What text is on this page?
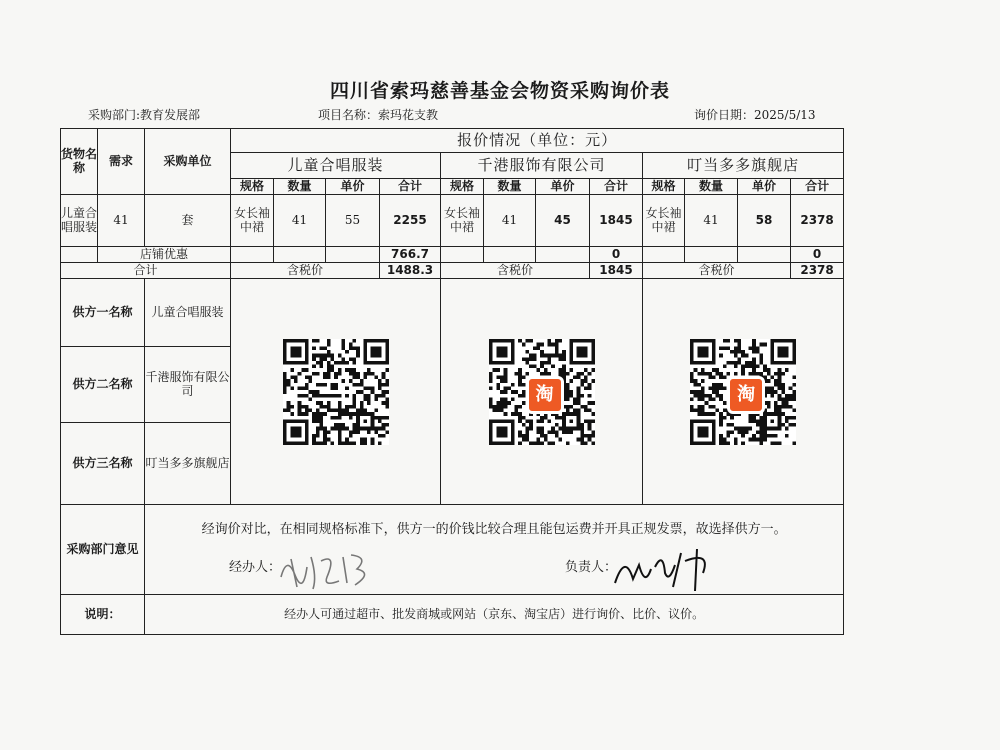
四川省索玛慈善基金会物资采购询价表
采购部门:教育发展部	项目名称：索玛花支教	询价日期：2025/5/13
货物名称	需求	采购单位	报价情况（单位：元）											
			儿童合唱服装				千港服饰有限公司				叮当多多旗舰店			
			规格	数量	单价	合计	规格	数量	单价	合计	规格	数量	单价	合计
儿童合唱服装	41	套	女长袖中裙	41	55	2255	女长袖中裙	41	45	1845	女长袖中裙	41	58	2378
	店铺优惠					766.7				0				0
合计			含税价			1488.3	含税价			1845	含税价			2378
供方一名称		儿童合唱服装					淘				淘			

供方二名称		千港服饰有限公司												
供方三名称		叮当多多旗舰店												
采购部门意见		经询价对比，在相同规格标准下，供方一的价钱比较合理且能包运费并开具正规发票，故选择供方一。
经办人： 负责人：												

说明：		经办人可通过超市、批发商城或网站（京东、淘宝店）进行询价、比价、议价。												
